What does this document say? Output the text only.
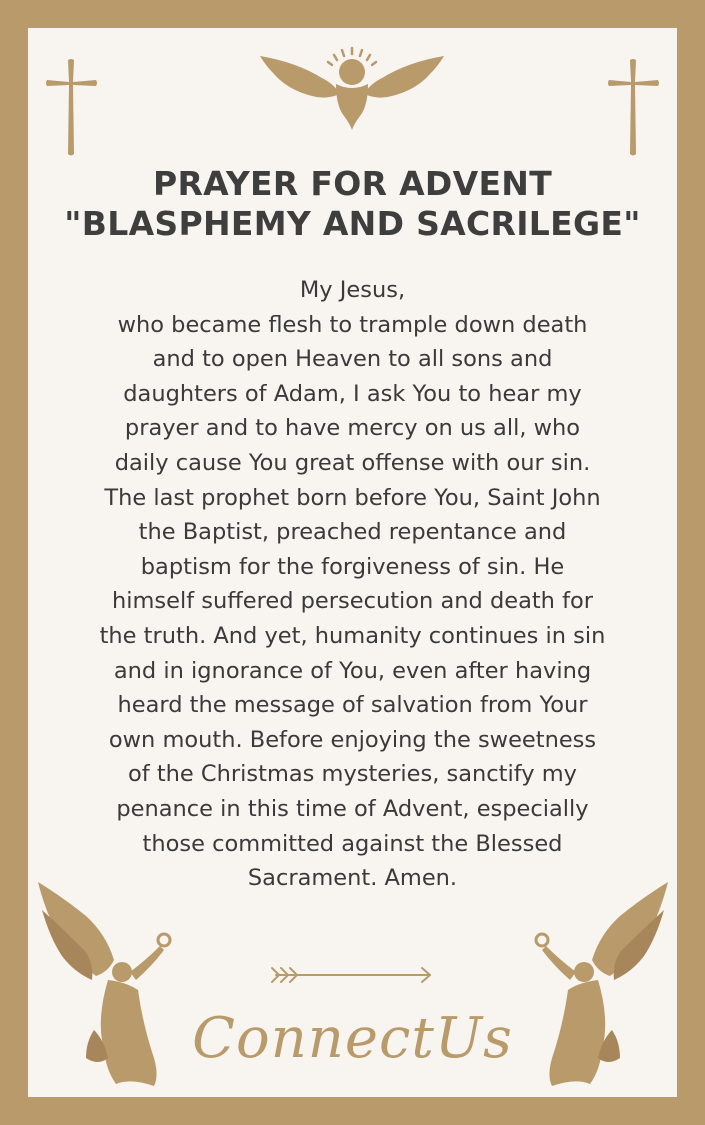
PRAYER FOR ADVENT
"BLASPHEMY AND SACRILEGE"
My Jesus,
who became flesh to trample down death
and to open Heaven to all sons and
daughters of Adam, I ask You to hear my
prayer and to have mercy on us all, who
daily cause You great offense with our sin.
The last prophet born before You, Saint John
the Baptist, preached repentance and
baptism for the forgiveness of sin. He
himself suffered persecution and death for
the truth. And yet, humanity continues in sin
and in ignorance of You, even after having
heard the message of salvation from Your
own mouth. Before enjoying the sweetness
of the Christmas mysteries, sanctify my
penance in this time of Advent, especially
those committed against the Blessed
Sacrament. Amen.
ConnectUs
